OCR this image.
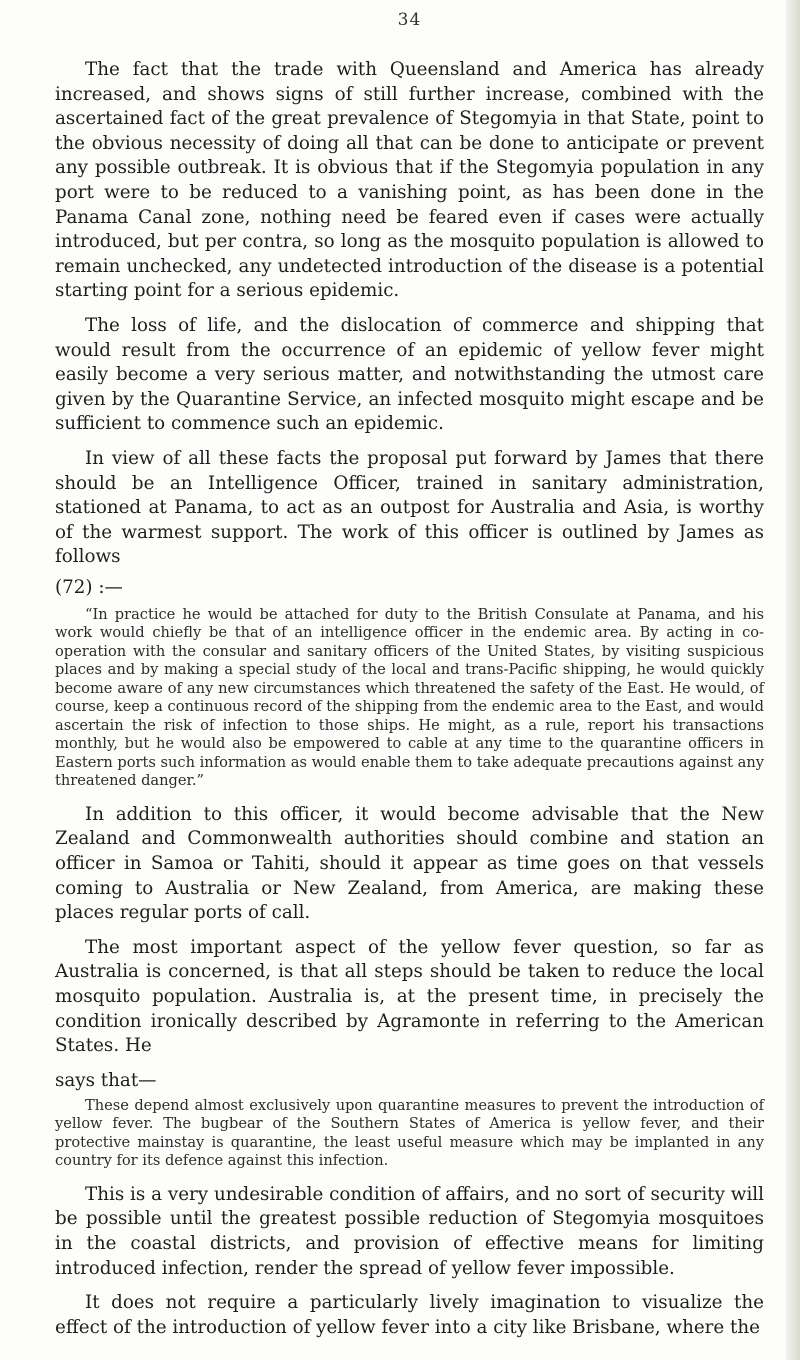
34

The fact that the trade with Queensland and America has already increased, and shows signs of still further increase, combined with the ascertained fact of the great prevalence of Stegomyia in that State, point to the obvious necessity of doing all that can be done to anticipate or prevent any possible outbreak. It is obvious that if the Stegomyia population in any port were to be reduced to a vanishing point, as has been done in the Panama Canal zone, nothing need be feared even if cases were actually introduced, but per contra, so long as the mosquito population is allowed to remain unchecked, any undetected introduction of the disease is a potential starting point for a serious epidemic.

The loss of life, and the dislocation of commerce and shipping that would result from the occurrence of an epidemic of yellow fever might easily become a very serious matter, and notwithstanding the utmost care given by the Quarantine Service, an infected mosquito might escape and be sufficient to commence such an epidemic.

In view of all these facts the proposal put forward by James that there should be an Intelligence Officer, trained in sanitary administration, stationed at Panama, to act as an outpost for Australia and Asia, is worthy of the warmest support. The work of this officer is outlined by James as follows

(72) :—

“In practice he would be attached for duty to the British Consulate at Panama, and his work would chiefly be that of an intelligence officer in the endemic area. By acting in co-operation with the consular and sanitary officers of the United States, by visiting suspicious places and by making a special study of the local and trans-Pacific shipping, he would quickly become aware of any new circumstances which threatened the safety of the East. He would, of course, keep a continuous record of the shipping from the endemic area to the East, and would ascertain the risk of infection to those ships. He might, as a rule, report his transactions monthly, but he would also be empowered to cable at any time to the quarantine officers in Eastern ports such information as would enable them to take adequate precautions against any threatened danger.”

In addition to this officer, it would become advisable that the New Zealand and Commonwealth authorities should combine and station an officer in Samoa or Tahiti, should it appear as time goes on that vessels coming to Australia or New Zealand, from America, are making these places regular ports of call.

The most important aspect of the yellow fever question, so far as Australia is concerned, is that all steps should be taken to reduce the local mosquito population. Australia is, at the present time, in precisely the condition ironically described by Agramonte in referring to the American States. He

says that—

These depend almost exclusively upon quarantine measures to prevent the introduction of yellow fever. The bugbear of the Southern States of America is yellow fever, and their protective mainstay is quarantine, the least useful measure which may be implanted in any country for its defence against this infection.

This is a very undesirable condition of affairs, and no sort of security will be possible until the greatest possible reduction of Stegomyia mosquitoes in the coastal districts, and provision of effective means for limiting introduced infection, render the spread of yellow fever impossible.

It does not require a particularly lively imagination to visualize the effect of the introduction of yellow fever into a city like Brisbane, where the
